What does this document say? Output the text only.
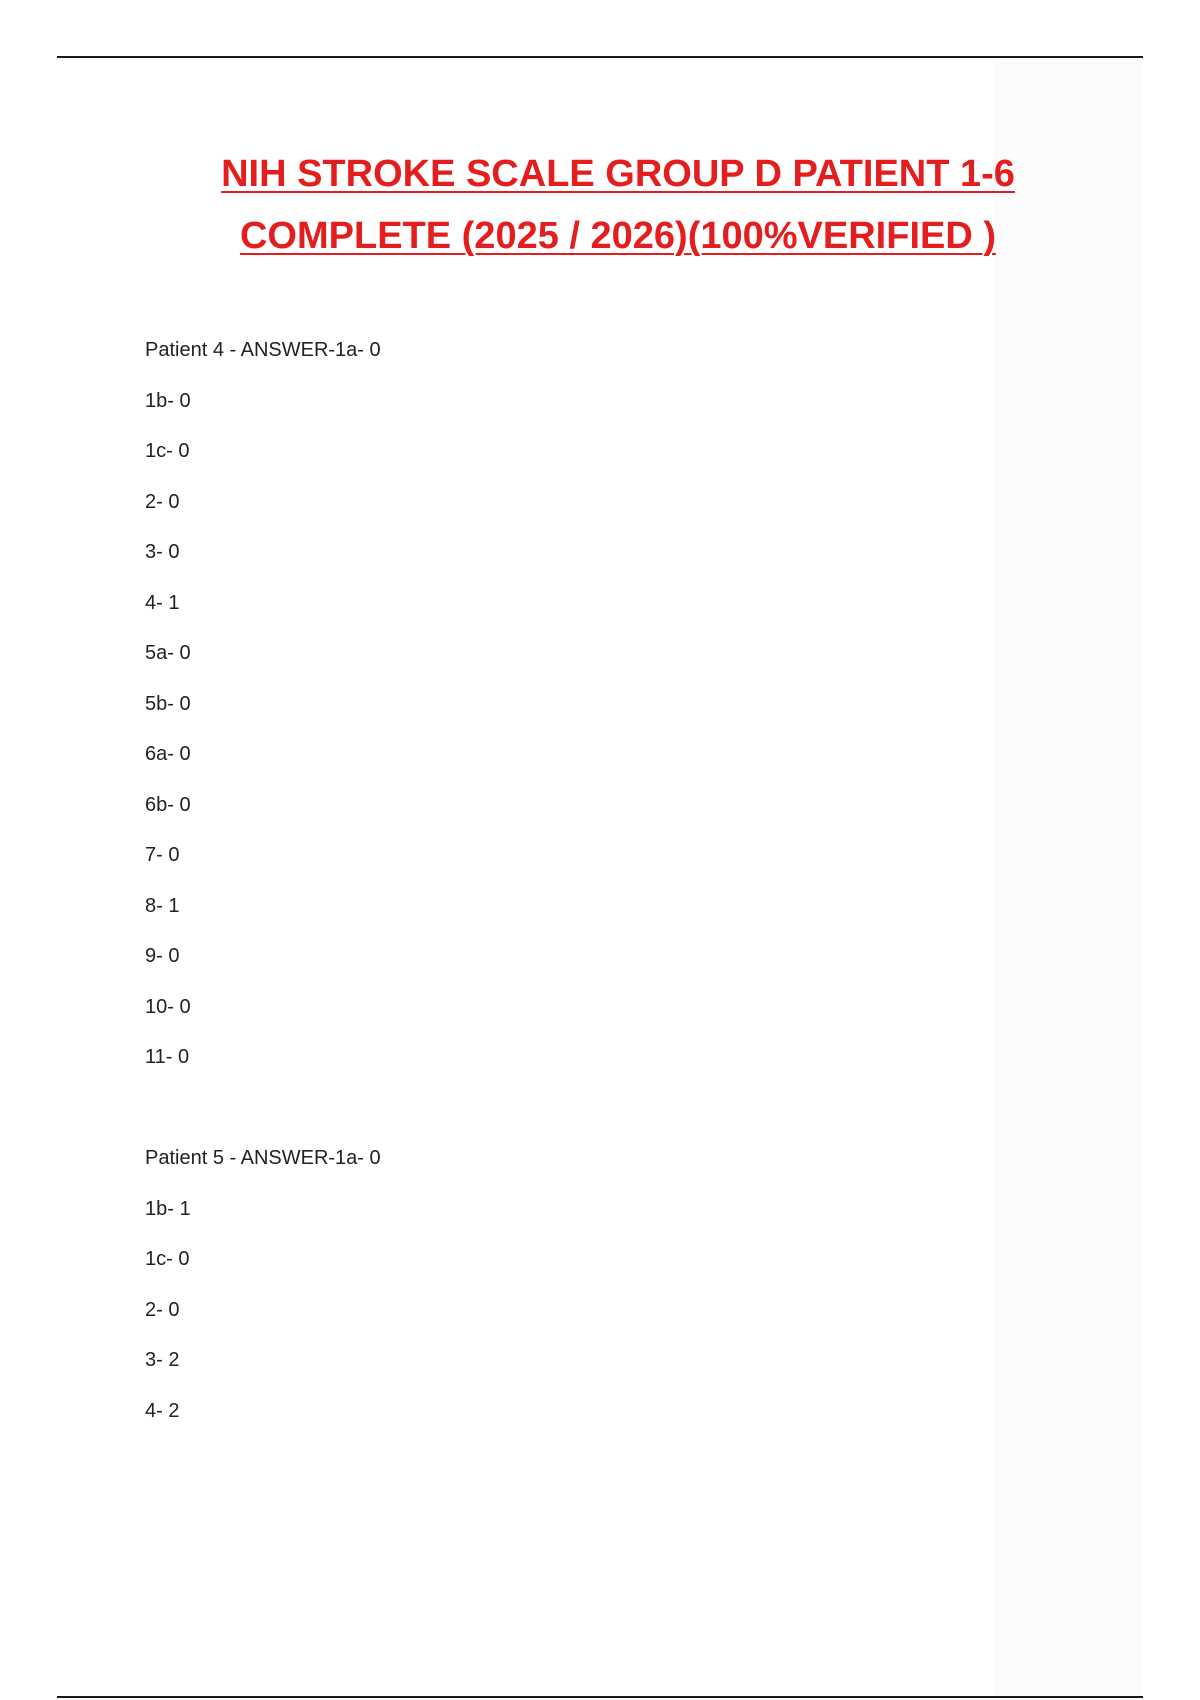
NIH STROKE SCALE GROUP D PATIENT 1-6
COMPLETE (2025 / 2026)(100%VERIFIED )
Patient 4 - ANSWER-1a- 0
1b- 0
1c- 0
2- 0
3- 0
4- 1
5a- 0
5b- 0
6a- 0
6b- 0
7- 0
8- 1
9- 0
10- 0
11- 0
Patient 5 - ANSWER-1a- 0
1b- 1
1c- 0
2- 0
3- 2
4- 2
